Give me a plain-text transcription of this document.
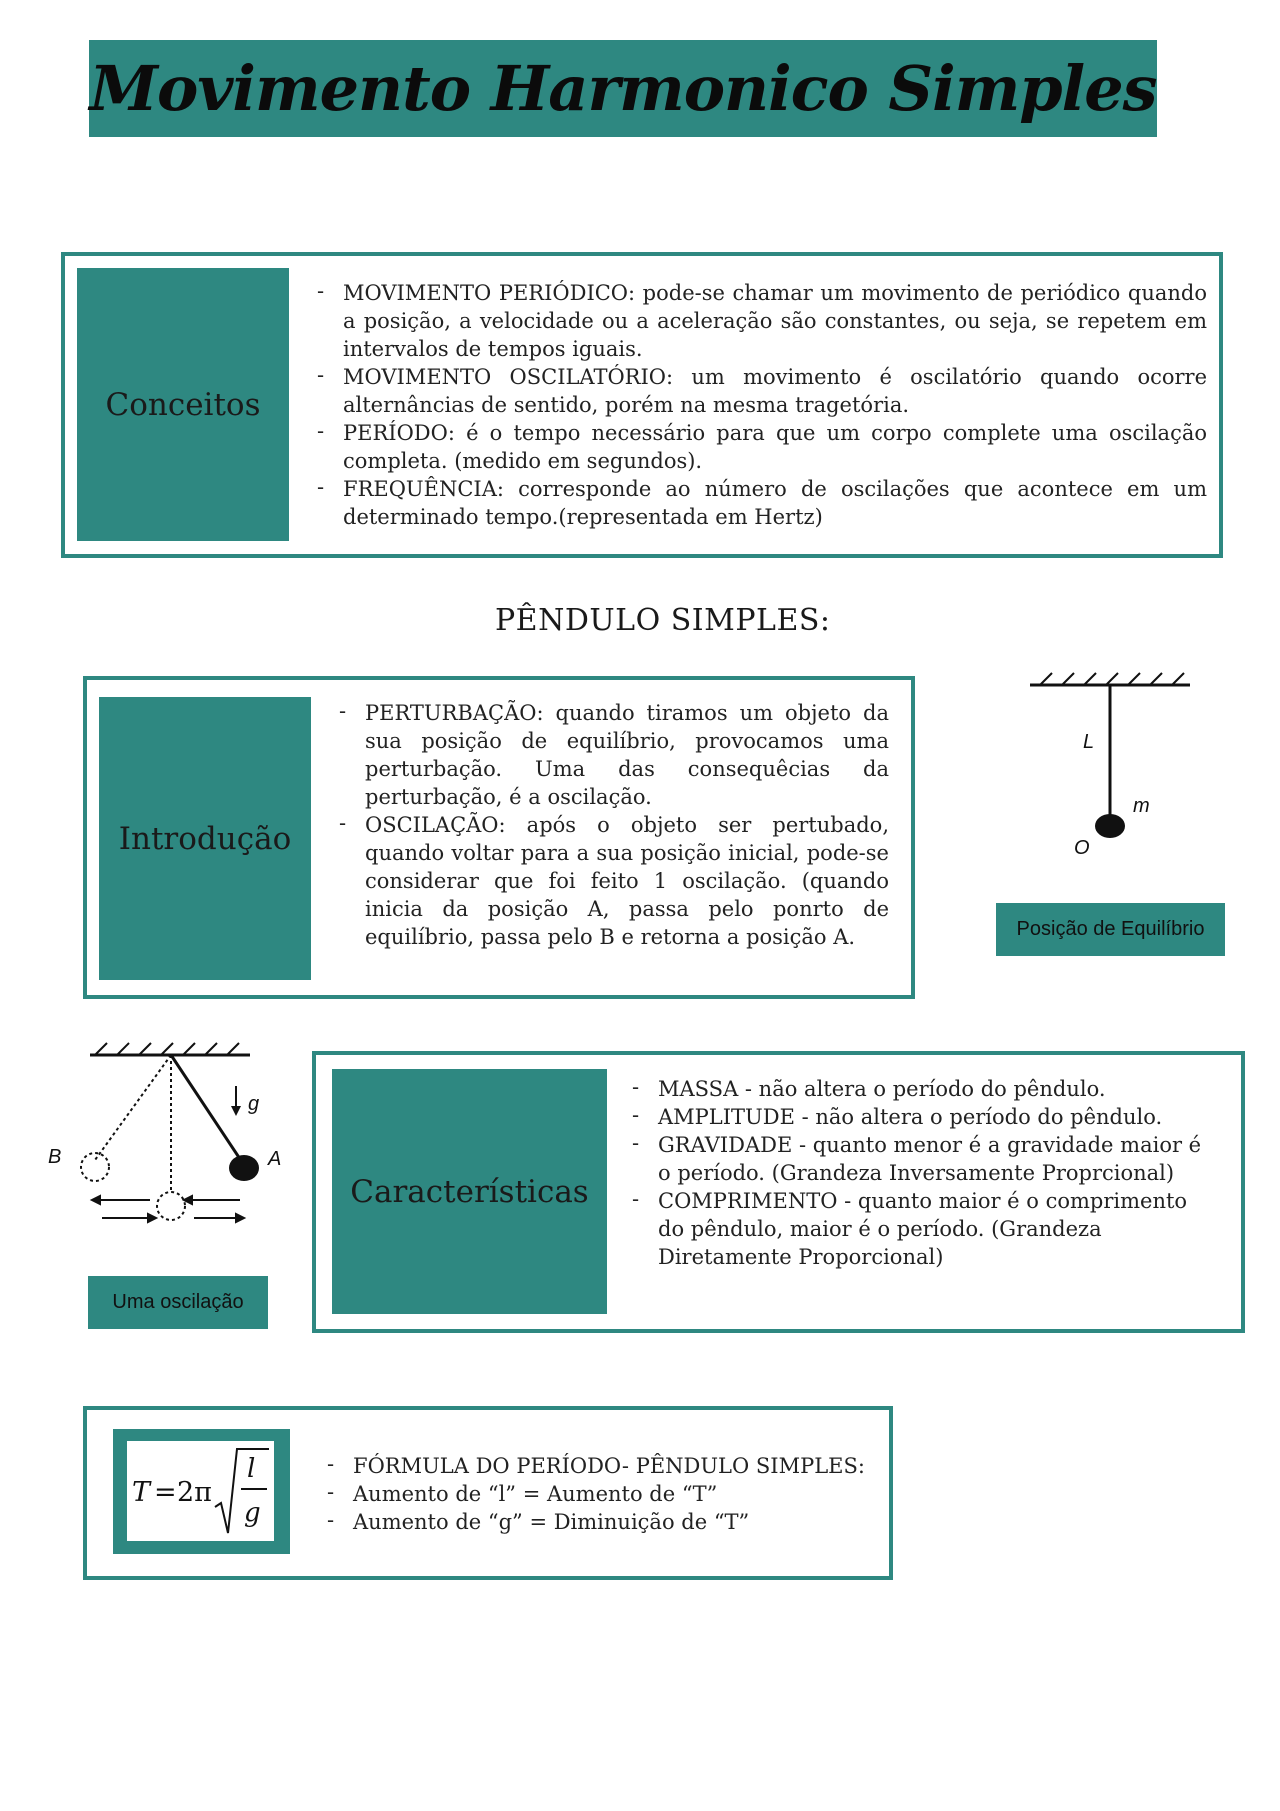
Movimento Harmonico Simples
Conceitos
- MOVIMENTO PERIÓDICO: pode-se chamar um movimento de periódico quando a posição, a velocidade ou a aceleração são constantes, ou seja, se repetem em intervalos de tempos iguais.
- MOVIMENTO OSCILATÓRIO: um movimento é oscilatório quando ocorre alternâncias de sentido, porém na mesma tragetória.
- PERÍODO: é o tempo necessário para que um corpo complete uma oscilação completa. (medido em segundos).
- FREQUÊNCIA: corresponde ao número de oscilações que acontece em um determinado tempo.(representada em Hertz)
PÊNDULO SIMPLES:
Introdução
- PERTURBAÇÃO: quando tiramos um objeto da sua posição de equilíbrio, provocamos uma perturbação. Uma das consequêcias da perturbação, é a oscilação.
- OSCILAÇÃO: após o objeto ser pertubado, quando voltar para a sua posição inicial, pode-se considerar que foi feito 1 oscilação. (quando inicia da posição A, passa pelo ponrto de equilíbrio, passa pelo B e retorna a posição A.
L
m
O
Posição de Equilíbrio
g
A
B
Uma oscilação
Características
- MASSA - não altera o período do pêndulo.
- AMPLITUDE - não altera o período do pêndulo.
- GRAVIDADE - quanto menor é a gravidade maior é o período. (Grandeza Inversamente Proprcional)
- COMPRIMENTO - quanto maior é o comprimento do pêndulo, maior é o período. (Grandeza Diretamente Proporcional)
T = 2π
l
g
- FÓRMULA DO PERÍODO- PÊNDULO SIMPLES:
- Aumento de “l” = Aumento de “T”
- Aumento de “g” = Diminuição de “T”
